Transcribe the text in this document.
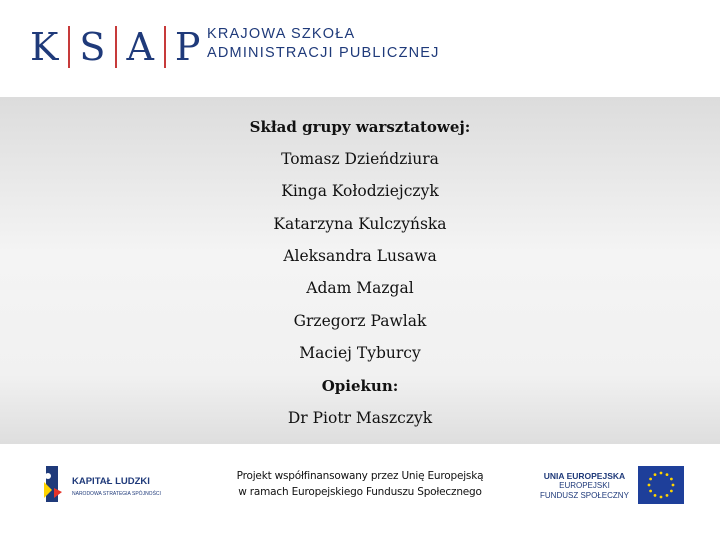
K S A P KRAJOWA SZKOŁA
ADMINISTRACJI PUBLICZNEJ
Skład grupy warsztatowej:
Tomasz Dzieńdziura
Kinga Kołodziejczyk
Katarzyna Kulczyńska
Aleksandra Lusawa
Adam Mazgal
Grzegorz Pawlak
Maciej Tyburcy
Opiekun:
Dr Piotr Maszczyk
KAPITAŁ LUDZKI
NARODOWA STRATEGIA SPÓJNOŚCI
Projekt współfinansowany przez Unię Europejską
w ramach Europejskiego Funduszu Społecznego
UNIA EUROPEJSKA
EUROPEJSKI
FUNDUSZ SPOŁECZNY
